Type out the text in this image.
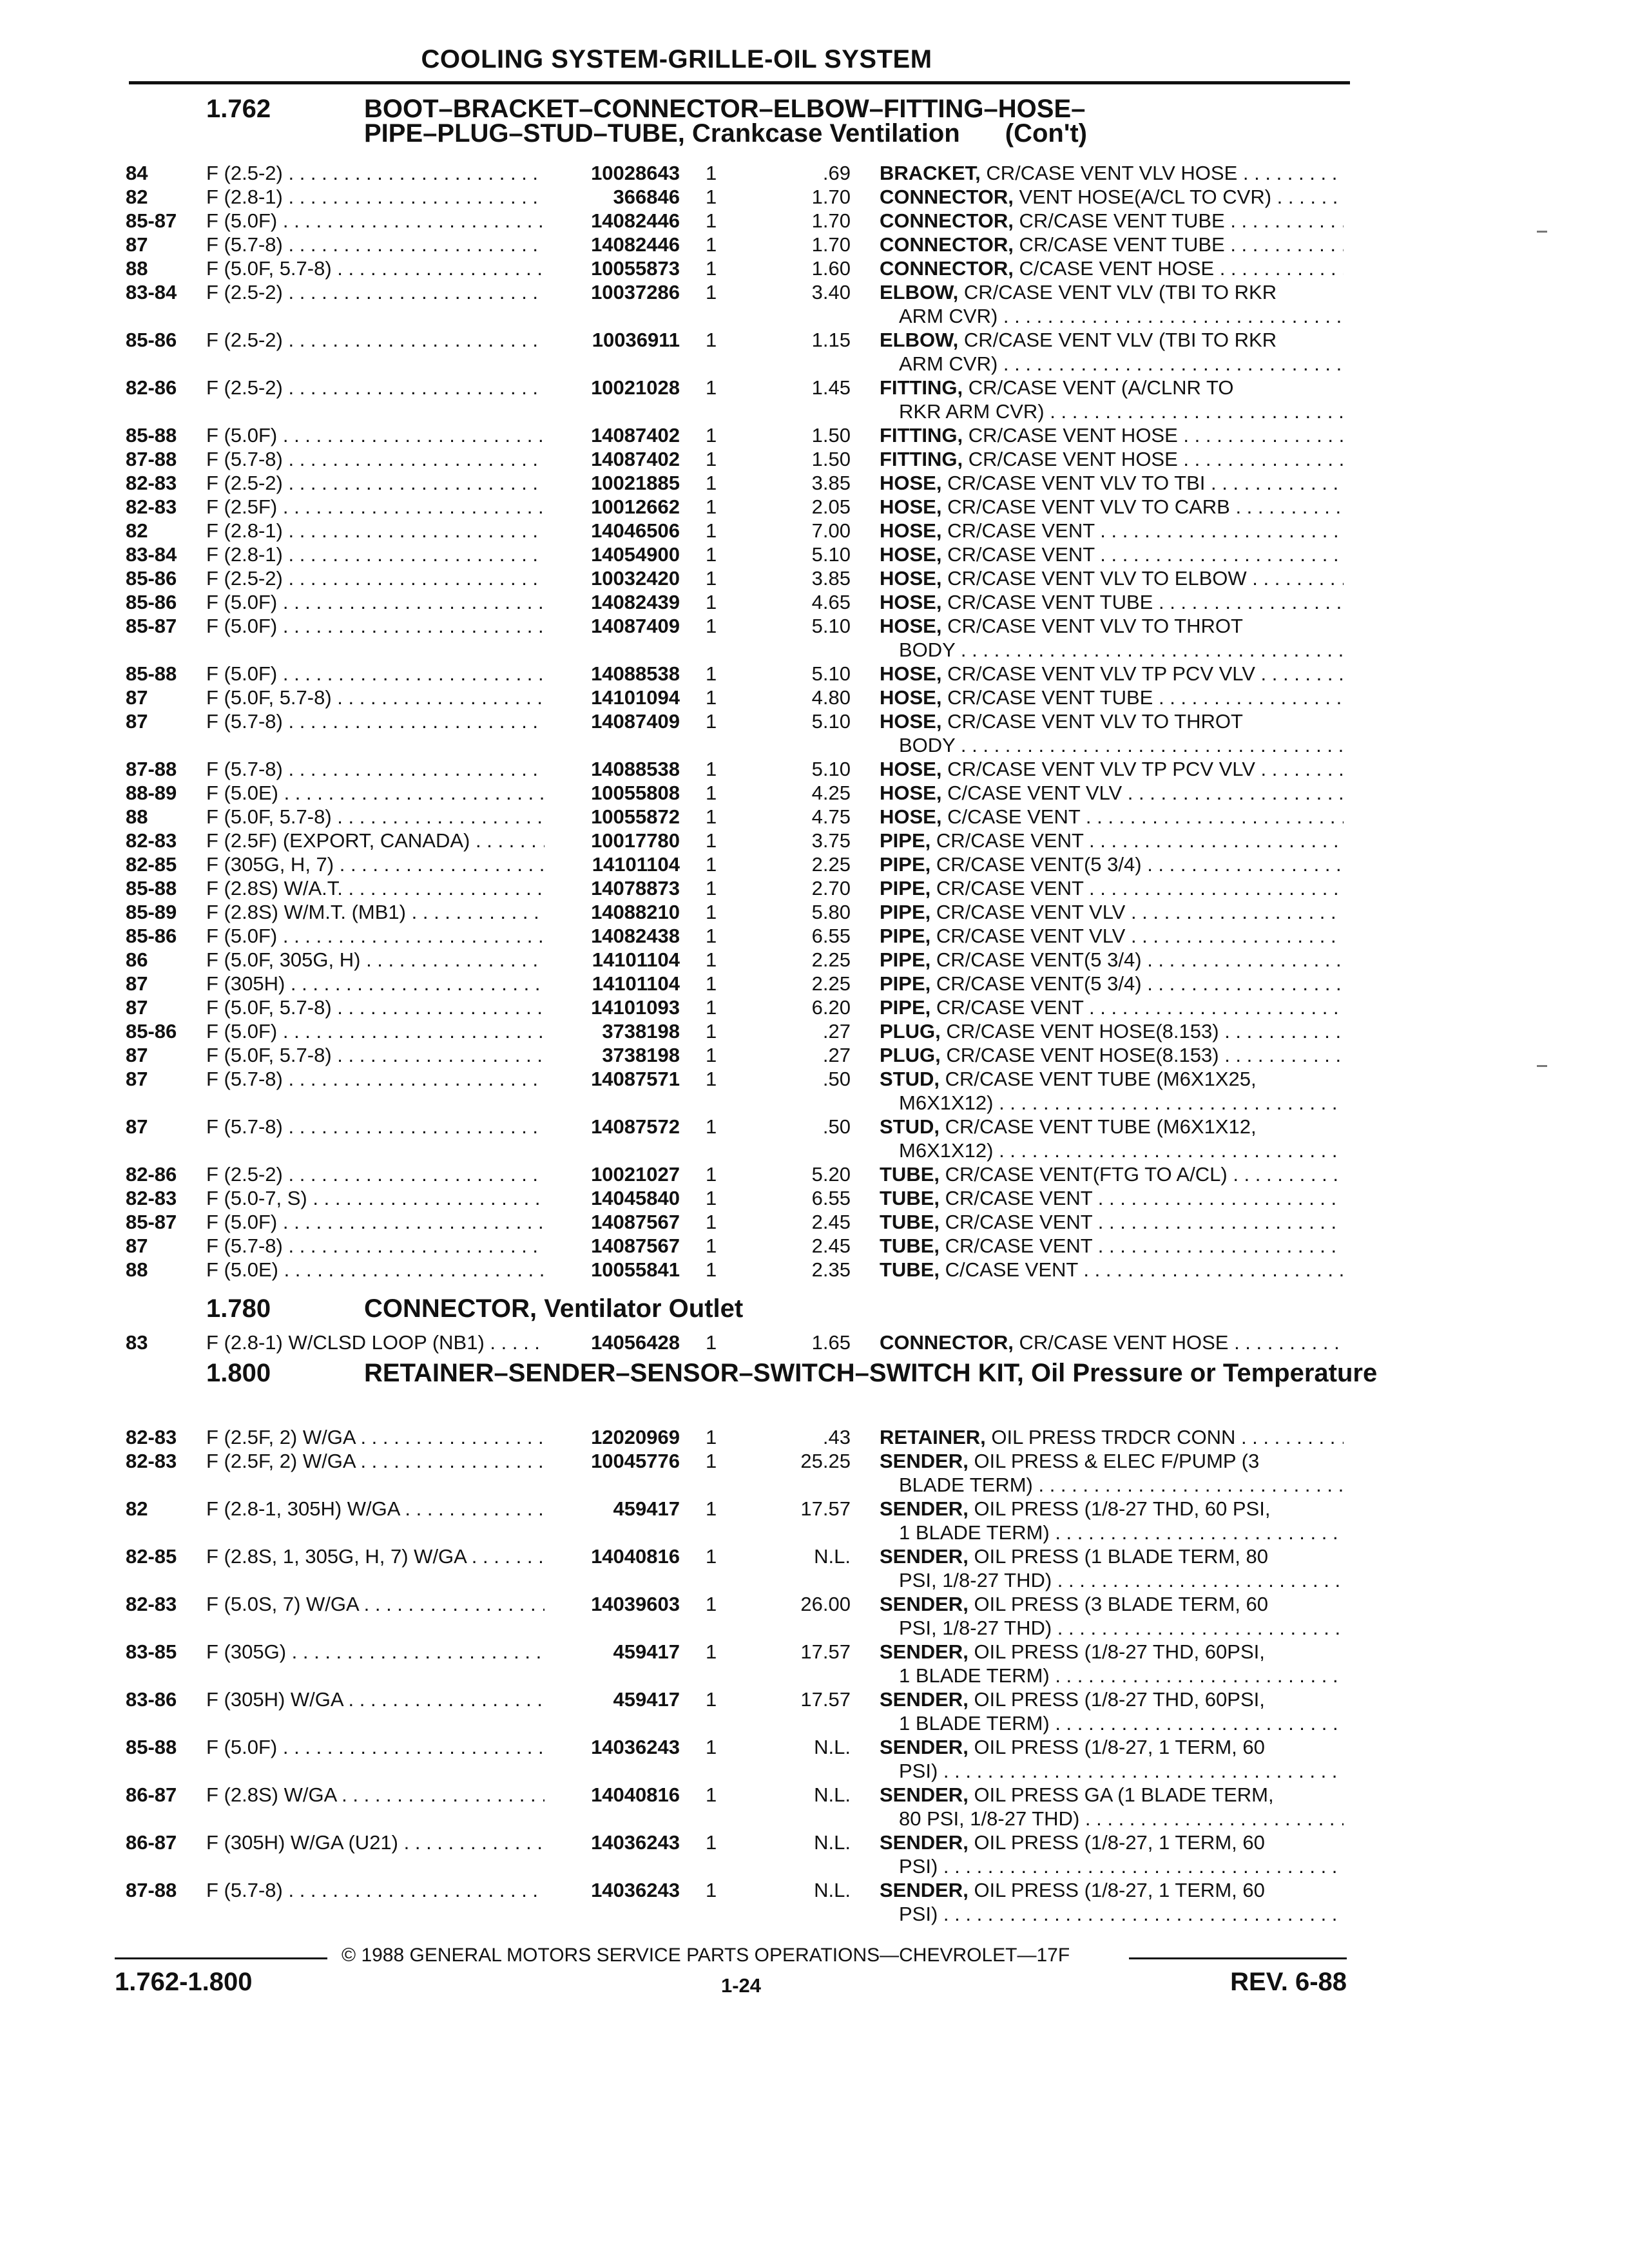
COOLING SYSTEM-GRILLE-OIL SYSTEM
1.762	BOOT–BRACKET–CONNECTOR–ELBOW–FITTING–HOSE–
PIPE–PLUG–STUD–TUBE, Crankcase Ventilation (Con't)
84	F (2.5-2) . . .	10028643 1	.69 BRACKET, CR/CASE VENT VLV HOSE . . .
82	F (2.8-1) . . .	366846 1	1.70 CONNECTOR, VENT HOSE(A/CL TO CVR) . . .
85-87 F (5.0F) . . .	14082446 1	1.70 CONNECTOR, CR/CASE VENT TUBE . . .
87	F (5.7-8) . . .	14082446 1	1.70 CONNECTOR, CR/CASE VENT TUBE . . .
88	F (5.0F, 5.7-8) . . .	10055873 1	1.60 CONNECTOR, C/CASE VENT HOSE . . .
83-84 F (2.5-2) . . .	10037286 1	3.40 ELBOW, CR/CASE VENT VLV (TBI TO RKR
ARM CVR) . . .
85-86 F (2.5-2) . . .	10036911 1	1.15 ELBOW, CR/CASE VENT VLV (TBI TO RKR
ARM CVR) . . .
82-86 F (2.5-2) . . .	10021028 1	1.45 FITTING, CR/CASE VENT (A/CLNR TO
RKR ARM CVR) . . .
85-88 F (5.0F) . . .	14087402 1	1.50 FITTING, CR/CASE VENT HOSE . . .
87-88 F (5.7-8) . . .	14087402 1	1.50 FITTING, CR/CASE VENT HOSE . . .
82-83 F (2.5-2) . . .	10021885 1	3.85 HOSE, CR/CASE VENT VLV TO TBI . . .
82-83 F (2.5F) . . .	10012662 1	2.05 HOSE, CR/CASE VENT VLV TO CARB . . .
82	F (2.8-1) . . .	14046506 1	7.00 HOSE, CR/CASE VENT . . .
83-84 F (2.8-1) . . .	14054900 1	5.10 HOSE, CR/CASE VENT . . .
85-86 F (2.5-2) . . .	10032420 1	3.85 HOSE, CR/CASE VENT VLV TO ELBOW . . .
85-86 F (5.0F) . . .	14082439 1	4.65 HOSE, CR/CASE VENT TUBE . . .
85-87 F (5.0F) . . .	14087409 1	5.10 HOSE, CR/CASE VENT VLV TO THROT
BODY . . .
85-88 F (5.0F) . . .	14088538 1	5.10 HOSE, CR/CASE VENT VLV TP PCV VLV . . .
87	F (5.0F, 5.7-8) . . .	14101094 1	4.80 HOSE, CR/CASE VENT TUBE . . .
87	F (5.7-8) . . .	14087409 1	5.10 HOSE, CR/CASE VENT VLV TO THROT
BODY . . .
87-88 F (5.7-8) . . .	14088538 1	5.10 HOSE, CR/CASE VENT VLV TP PCV VLV . . .
88-89 F (5.0E) . . .	10055808 1	4.25 HOSE, C/CASE VENT VLV . . .
88	F (5.0F, 5.7-8) . . .	10055872 1	4.75 HOSE, C/CASE VENT . . .
82-83 F (2.5F) (EXPORT, CANADA) . . .	10017780 1	3.75 PIPE, CR/CASE VENT . . .
82-85 F (305G, H, 7) . . .	14101104 1	2.25 PIPE, CR/CASE VENT(5 3/4) . . .
85-88 F (2.8S) W/A.T. . . .	14078873 1	2.70 PIPE, CR/CASE VENT . . .
85-89 F (2.8S) W/M.T. (MB1) . . .	14088210 1	5.80 PIPE, CR/CASE VENT VLV . . .
85-86 F (5.0F) . . .	14082438 1	6.55 PIPE, CR/CASE VENT VLV . . .
86	F (5.0F, 305G, H) . . .	14101104 1	2.25 PIPE, CR/CASE VENT(5 3/4) . . .
87	F (305H) . . .	14101104 1	2.25 PIPE, CR/CASE VENT(5 3/4) . . .
87	F (5.0F, 5.7-8) . . .	14101093 1	6.20 PIPE, CR/CASE VENT . . .
85-86 F (5.0F) . . .	3738198 1	.27 PLUG, CR/CASE VENT HOSE(8.153) . . .
87	F (5.0F, 5.7-8) . . .	3738198 1	.27 PLUG, CR/CASE VENT HOSE(8.153) . . .
87	F (5.7-8) . . .	14087571 1	.50 STUD, CR/CASE VENT TUBE (M6X1X25,
M6X1X12) . . .
87	F (5.7-8) . . .	14087572 1	.50 STUD, CR/CASE VENT TUBE (M6X1X12,
M6X1X12) . . .
82-86 F (2.5-2) . . .	10021027 1	5.20 TUBE, CR/CASE VENT(FTG TO A/CL) . . .
82-83 F (5.0-7, S) . . .	14045840 1	6.55 TUBE, CR/CASE VENT . . .
85-87 F (5.0F) . . .	14087567 1	2.45 TUBE, CR/CASE VENT . . .
87	F (5.7-8) . . .	14087567 1	2.45 TUBE, CR/CASE VENT . . .
88	F (5.0E) . . .	10055841 1	2.35 TUBE, C/CASE VENT . . .
1.780	CONNECTOR, Ventilator Outlet
83	F (2.8-1) W/CLSD LOOP (NB1) . . .	14056428 1	1.65 CONNECTOR, CR/CASE VENT HOSE . . .
1.800	RETAINER–SENDER–SENSOR–SWITCH–SWITCH KIT, Oil Pressure or Temperature
82-83 F (2.5F, 2) W/GA . . .	12020969 1	.43 RETAINER, OIL PRESS TRDCR CONN . . .
82-83 F (2.5F, 2) W/GA . . .	10045776 1	25.25 SENDER, OIL PRESS & ELEC F/PUMP (3
BLADE TERM) . . .
82	F (2.8-1, 305H) W/GA . . .	459417 1	17.57 SENDER, OIL PRESS (1/8-27 THD, 60 PSI,
1 BLADE TERM) . . .
82-85 F (2.8S, 1, 305G, H, 7) W/GA . . .	14040816 1	N.L. SENDER, OIL PRESS (1 BLADE TERM, 80
PSI, 1/8-27 THD) . . .
82-83 F (5.0S, 7) W/GA . . .	14039603 1	26.00 SENDER, OIL PRESS (3 BLADE TERM, 60
PSI, 1/8-27 THD) . . .
83-85 F (305G) . . .	459417 1	17.57 SENDER, OIL PRESS (1/8-27 THD, 60PSI,
1 BLADE TERM) . . .
83-86 F (305H) W/GA . . .	459417 1	17.57 SENDER, OIL PRESS (1/8-27 THD, 60PSI,
1 BLADE TERM) . . .
85-88 F (5.0F) . . .	14036243 1	N.L. SENDER, OIL PRESS (1/8-27, 1 TERM, 60
PSI) . . .
86-87 F (2.8S) W/GA . . .	14040816 1	N.L. SENDER, OIL PRESS GA (1 BLADE TERM,
80 PSI, 1/8-27 THD) . . .
86-87 F (305H) W/GA (U21) . . .	14036243 1	N.L. SENDER, OIL PRESS (1/8-27, 1 TERM, 60
PSI) . . .
87-88 F (5.7-8) . . .	14036243 1	N.L. SENDER, OIL PRESS (1/8-27, 1 TERM, 60
PSI) . . .
© 1988 GENERAL MOTORS SERVICE PARTS OPERATIONS—CHEVROLET—17F
1.762-1.800	1-24	REV. 6-88
